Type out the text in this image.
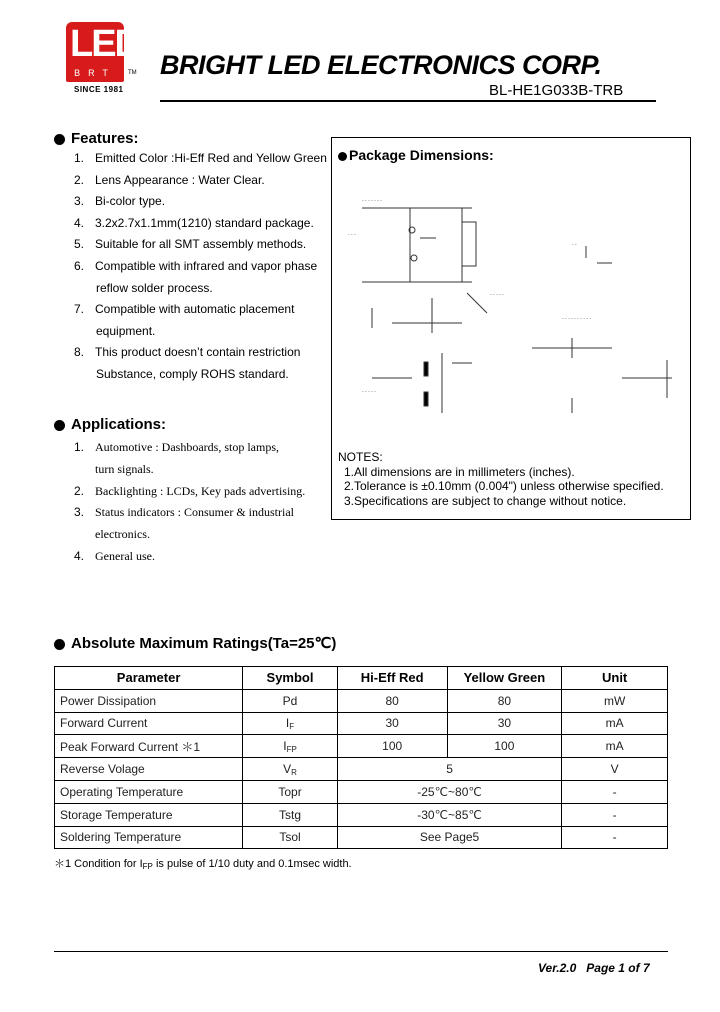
LED
BRT	TM
SINCE 1981
BRIGHT LED ELECTRONICS CORP.
BL-HE1G033B-TRB
Features:
1. Emitted Color :Hi-Eff Red and Yellow Green
2. Lens Appearance : Water Clear.
3. Bi-color type.
4. 3.2x2.7x1.1mm(1210) standard package.
5. Suitable for all SMT assembly methods.
6. Compatible with infrared and vapor phase
reflow solder process.
7. Compatible with automatic placement
equipment.
8. This product doesn’t contain restriction
Substance, comply ROHS standard.
Applications:
1. Automotive : Dashboards, stop lamps,
turn signals.
2. Backlighting : LCDs, Key pads advertising.
3. Status indicators : Consumer & industrial
electronics.
4. General use.
Package Dimensions:
- - - - - - -
- - -
- - - - -
- - - - -
- - - - - - - - - -
- -
NOTES:
1.All dimensions are in millimeters (inches).
2.Tolerance is ±0.10mm (0.004") unless otherwise specified.
3.Specifications are subject to change without notice.
Absolute Maximum Ratings(Ta=25℃)
Parameter	Symbol	Hi-Eff Red	Yellow Green	Unit
Power Dissipation	Pd	80	80	mW
Forward Current	$I_F$	30	30	mA
Peak Forward Current ＊1	$I_{FP}$	100	100	mA
Reverse Volage	$V_R$	5		V
Operating Temperature	Topr	-25℃~80℃		-
Storage Temperature	Tstg	-30℃~85℃		-
Soldering Temperature	Tsol	See Page5		-
＊1 Condition for $I_{FP}$ is pulse of 1/10 duty and 0.1msec width.
Ver.2.0 Page 1 of 7
